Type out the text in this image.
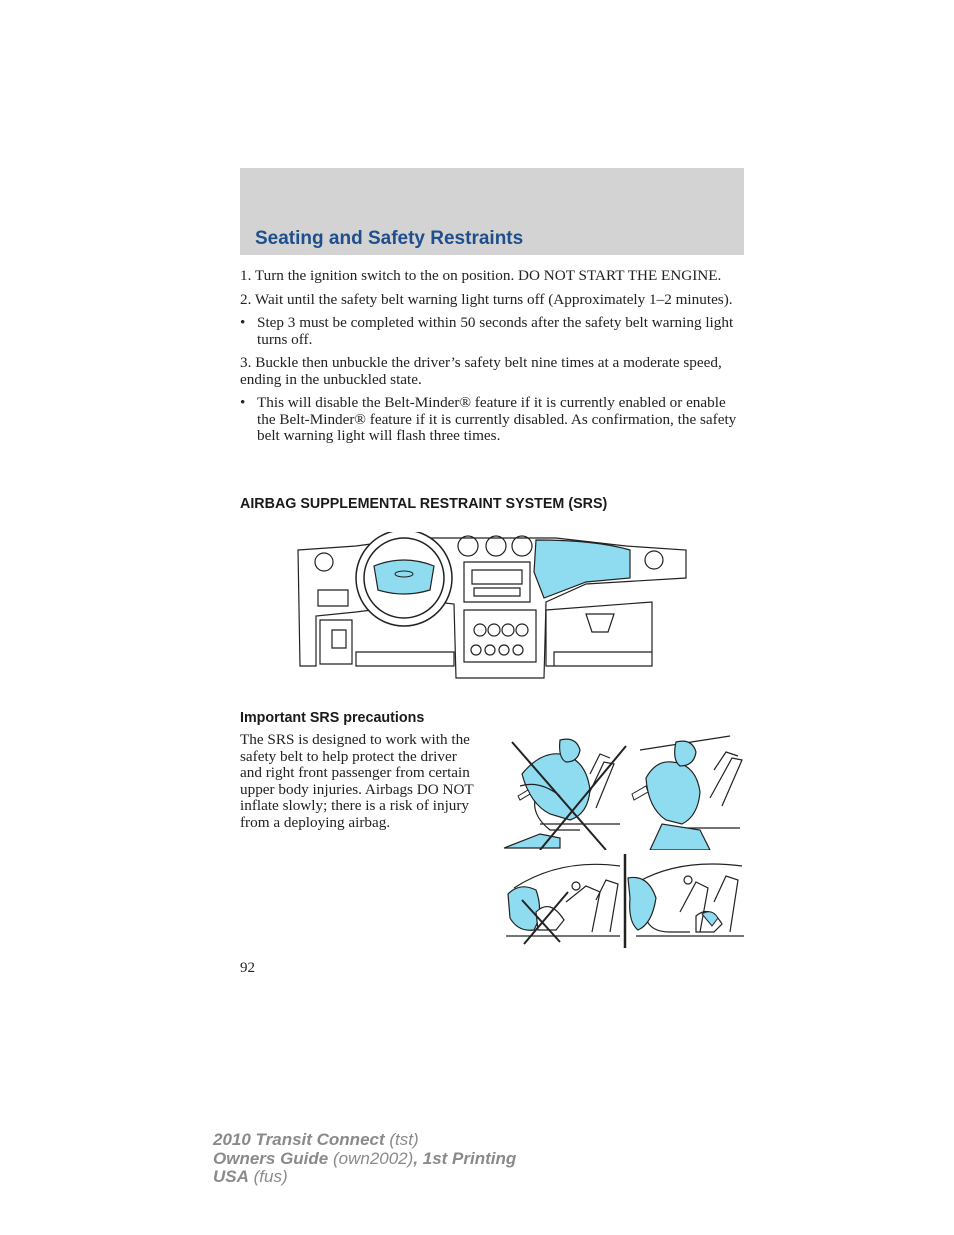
Seating and Safety Restraints

1. Turn the ignition switch to the on position. DO NOT START THE ENGINE.

2. Wait until the safety belt warning light turns off (Approximately 1–2 minutes).

• Step 3 must be completed within 50 seconds after the safety belt warning light turns off.

3. Buckle then unbuckle the driver’s safety belt nine times at a moderate speed, ending in the unbuckled state.

• This will disable the Belt-Minder® feature if it is currently enabled or enable the Belt-Minder® feature if it is currently disabled. As confirmation, the safety belt warning light will flash three times.
AIRBAG SUPPLEMENTAL RESTRAINT SYSTEM (SRS)
Important SRS precautions

The SRS is designed to work with the safety belt to help protect the driver and right front passenger from certain upper body injuries. Airbags DO NOT inflate slowly; there is a risk of injury from a deploying airbag.

92
2010 Transit Connect (tst)
Owners Guide (own2002), 1st Printing
USA (fus)
